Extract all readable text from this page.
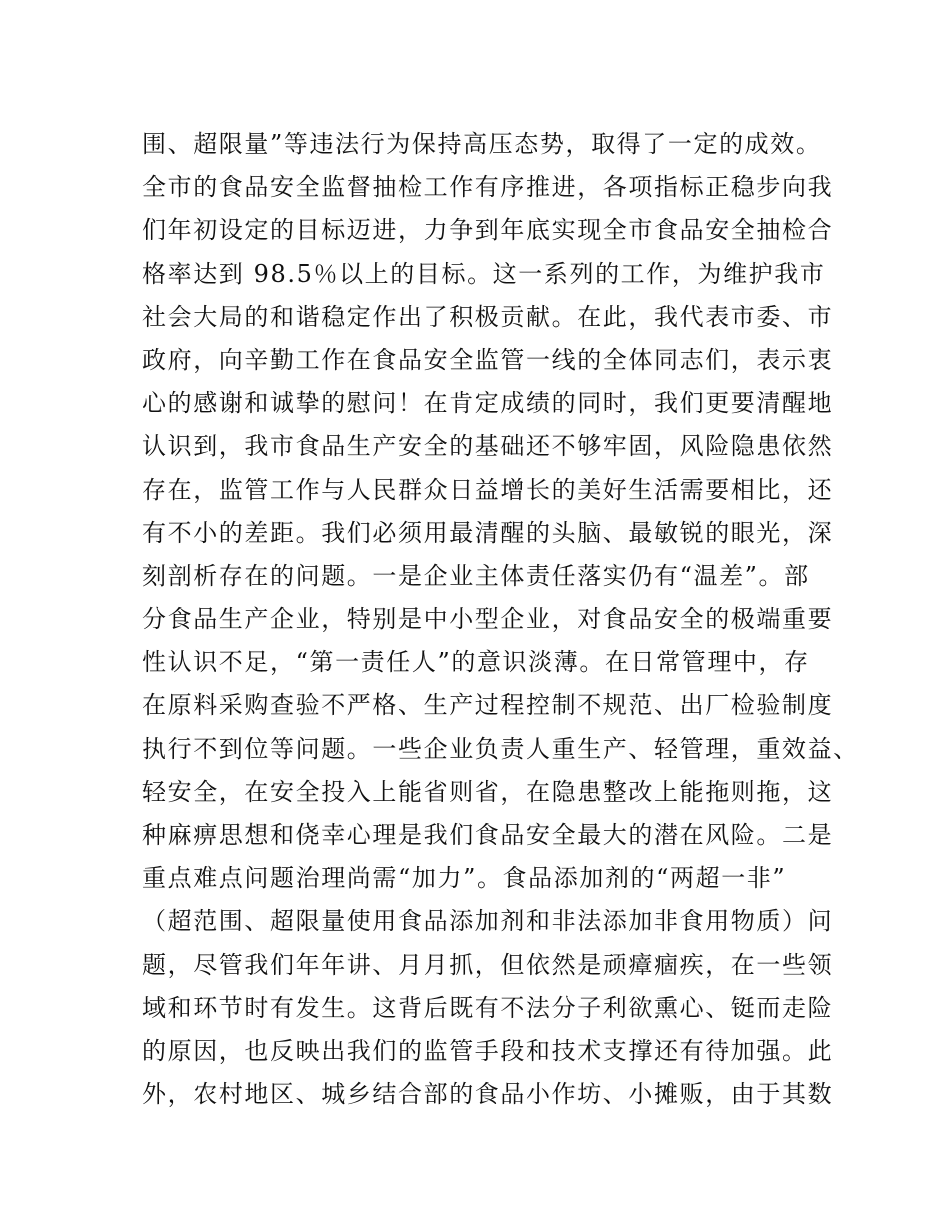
围、超限量”等违法行为保持高压态势，取得了一定的成效。
全市的食品安全监督抽检工作有序推进，各项指标正稳步向我
们年初设定的目标迈进，力争到年底实现全市食品安全抽检合
格率达到 98.5％以上的目标。这一系列的工作，为维护我市
社会大局的和谐稳定作出了积极贡献。在此，我代表市委、市
政府，向辛勤工作在食品安全监管一线的全体同志们，表示衷
心的感谢和诚挚的慰问！在肯定成绩的同时，我们更要清醒地
认识到，我市食品生产安全的基础还不够牢固，风险隐患依然
存在，监管工作与人民群众日益增长的美好生活需要相比，还
有不小的差距。我们必须用最清醒的头脑、最敏锐的眼光，深
刻剖析存在的问题。一是企业主体责任落实仍有“温差”。部
分食品生产企业，特别是中小型企业，对食品安全的极端重要
性认识不足，“第一责任人”的意识淡薄。在日常管理中，存
在原料采购查验不严格、生产过程控制不规范、出厂检验制度
执行不到位等问题。一些企业负责人重生产、轻管理，重效益、
轻安全，在安全投入上能省则省，在隐患整改上能拖则拖，这
种麻痹思想和侥幸心理是我们食品安全最大的潜在风险。二是
重点难点问题治理尚需“加力”。食品添加剂的“两超一非”
（超范围、超限量使用食品添加剂和非法添加非食用物质）问
题，尽管我们年年讲、月月抓，但依然是顽瘴痼疾，在一些领
域和环节时有发生。这背后既有不法分子利欲熏心、铤而走险
的原因，也反映出我们的监管手段和技术支撑还有待加强。此
外，农村地区、城乡结合部的食品小作坊、小摊贩，由于其数
